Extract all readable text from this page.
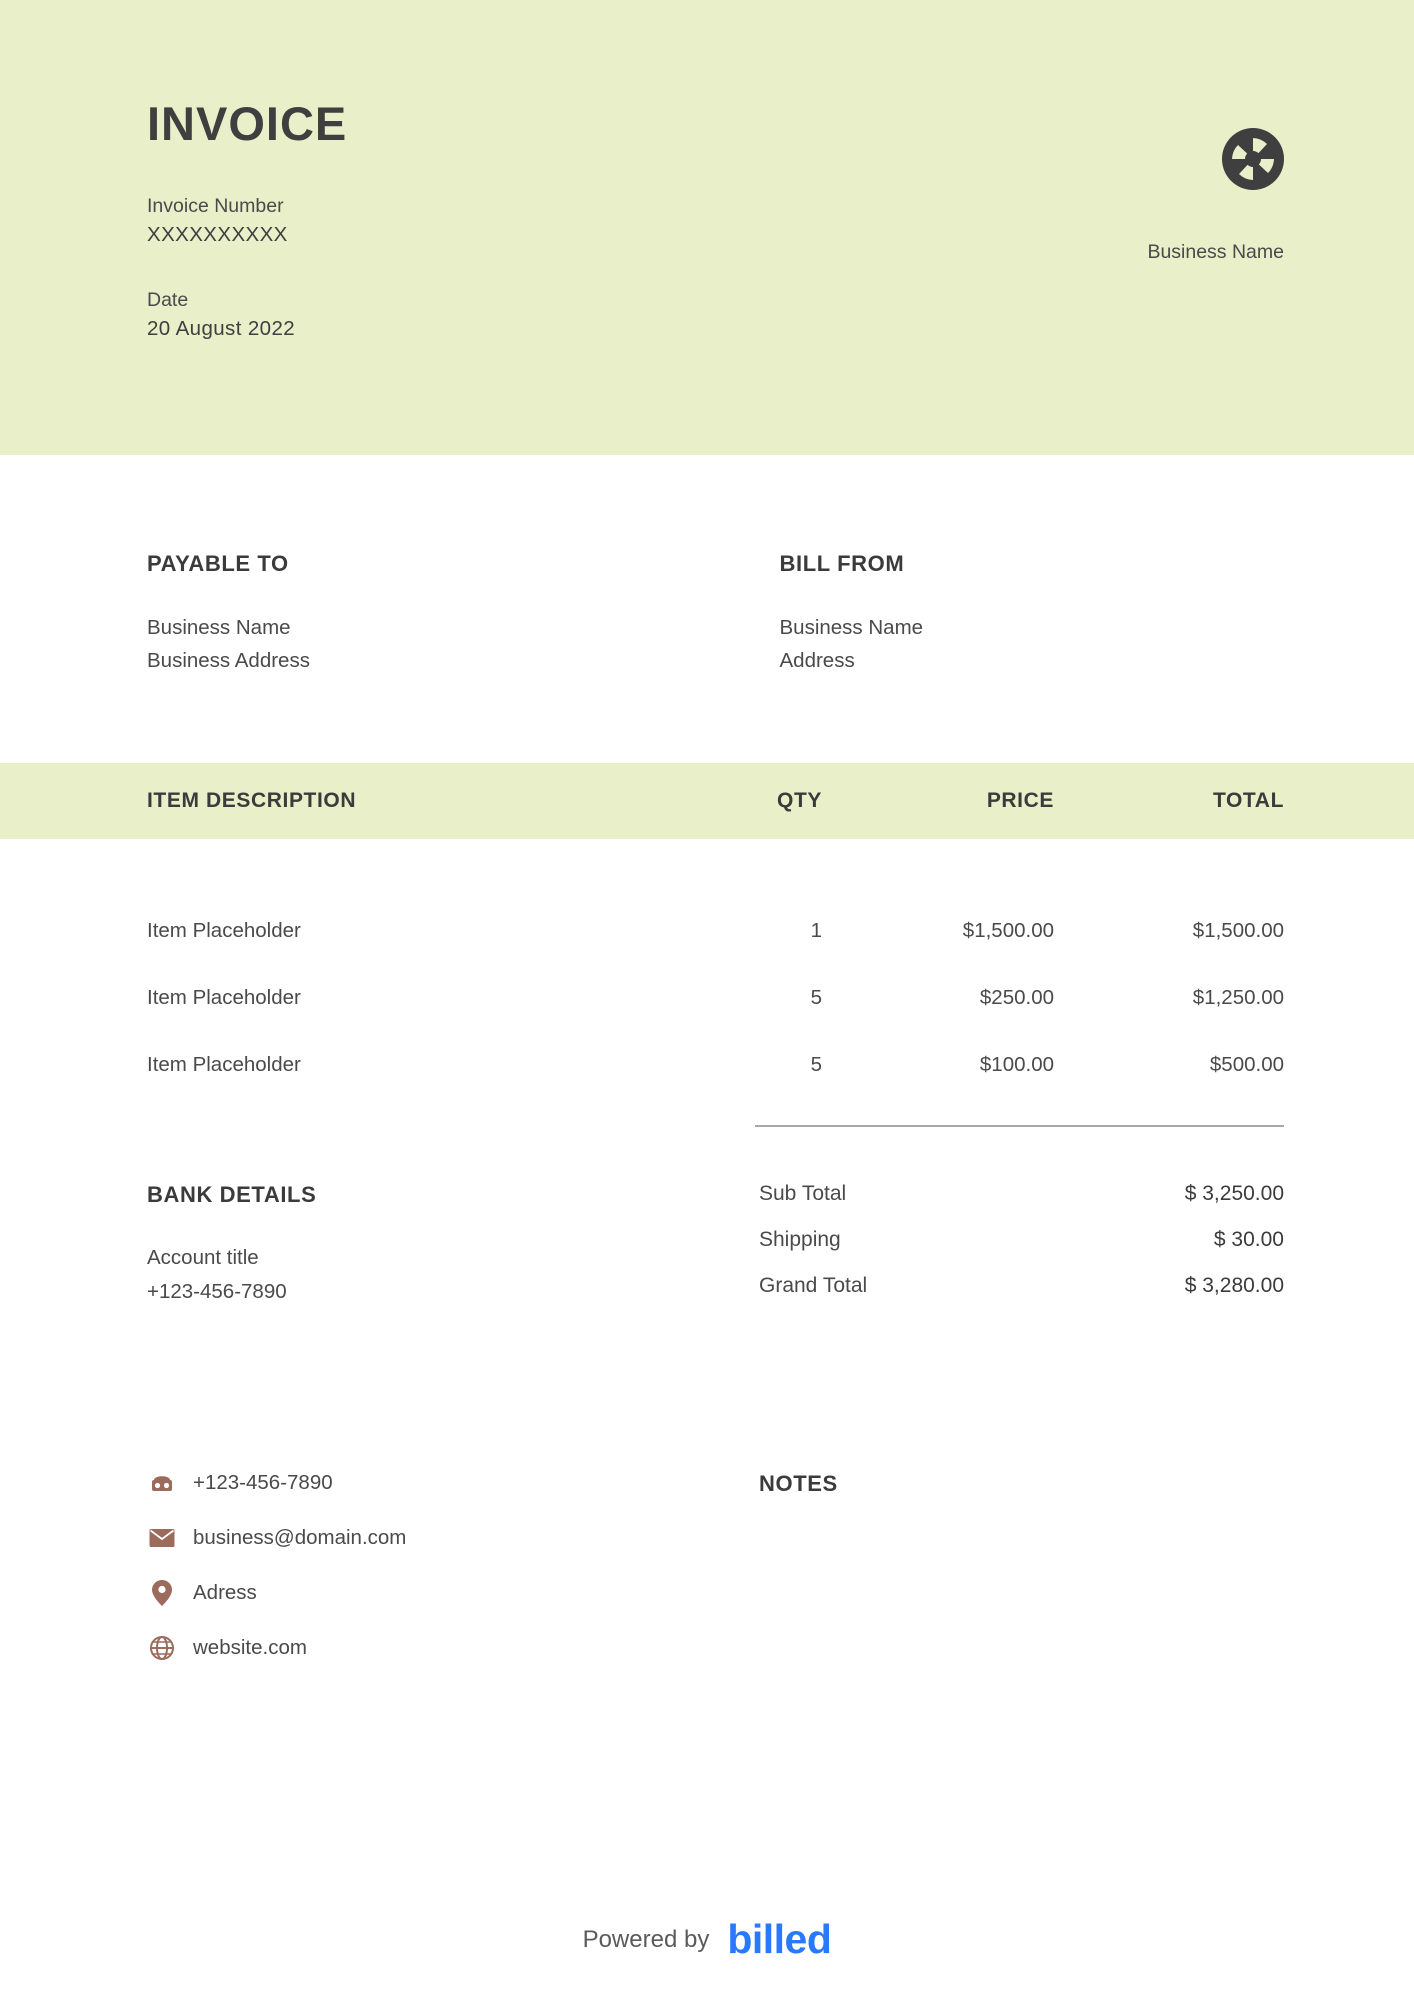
INVOICE
Invoice Number
XXXXXXXXXX
Date
20 August 2022
Business Name
PAYABLE TO
Business Name
Business Address
BILL FROM
Business Name
Address
ITEM DESCRIPTION	QTY	PRICE	TOTAL
Item Placeholder	1	$1,500.00	$1,500.00
Item Placeholder	5	$250.00	$1,250.00
Item Placeholder	5	$100.00	$500.00
BANK DETAILS
Account title
+123-456-7890
Sub Total	$ 3,250.00
Shipping	$ 30.00
Grand Total	$ 3,280.00
+123-456-7890
business@domain.com
Adress
website.com
NOTES
Powered by billed
